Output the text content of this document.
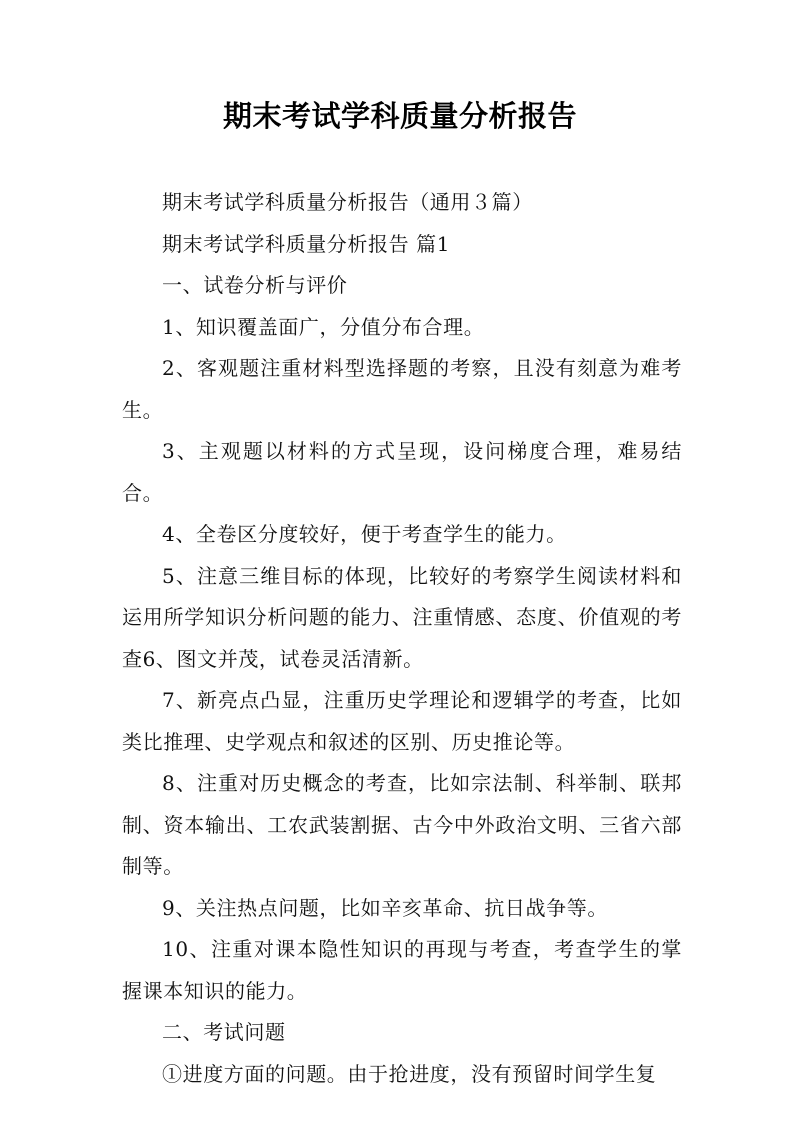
期末考试学科质量分析报告

期末考试学科质量分析报告（通用３篇）

期末考试学科质量分析报告 篇1

一、试卷分析与评价

1、知识覆盖面广，分值分布合理。

2、客观题注重材料型选择题的考察，且没有刻意为难考生。

3、主观题以材料的方式呈现，设问梯度合理，难易结合。

4、全卷区分度较好，便于考查学生的能力。

5、注意三维目标的体现，比较好的考察学生阅读材料和运用所学知识分析问题的能力、注重情感、态度、价值观的考查6、图文并茂，试卷灵活清新。

7、新亮点凸显，注重历史学理论和逻辑学的考查，比如类比推理、史学观点和叙述的区别、历史推论等。

8、注重对历史概念的考查，比如宗法制、科举制、联邦制、资本输出、工农武装割据、古今中外政治文明、三省六部制等。

9、关注热点问题，比如辛亥革命、抗日战争等。

10、注重对课本隐性知识的再现与考查，考查学生的掌握课本知识的能力。

二、考试问题

①进度方面的问题。由于抢进度，没有预留时间学生复
